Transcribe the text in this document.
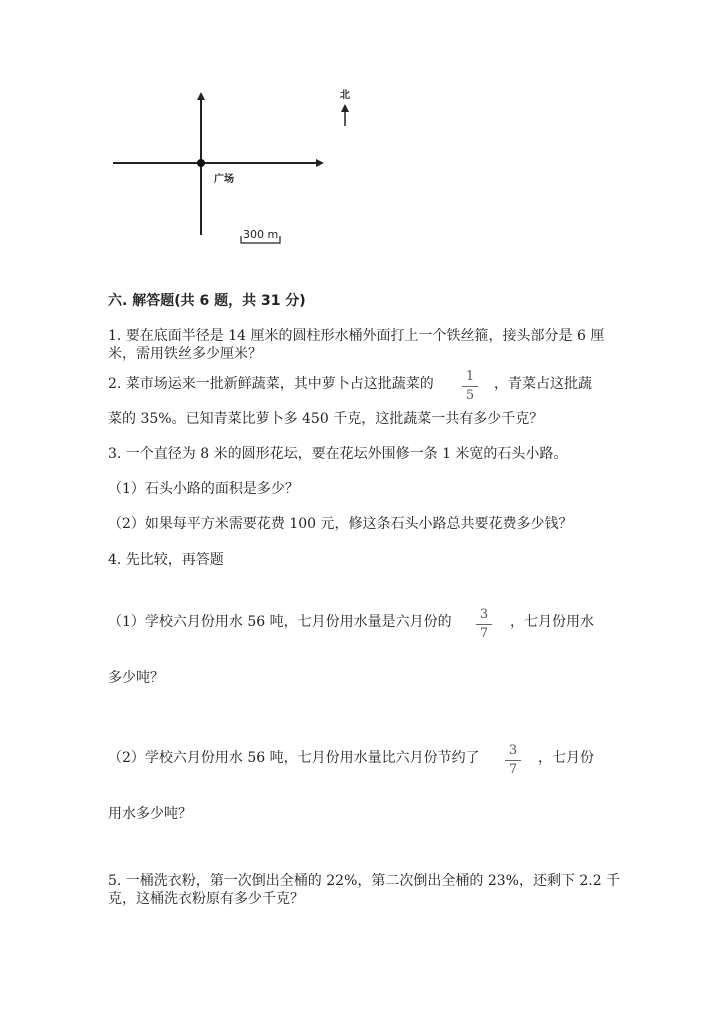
广场
北
300 m
六. 解答题(共 6 题，共 31 分)
1. 要在底面半径是 14 厘米的圆柱形水桶外面打上一个铁丝箍，接头部分是 6 厘
米，需用铁丝多少厘米？
2. 菜市场运来一批新鲜蔬菜，其中萝卜占这批蔬菜的 1
5
，青菜占这批蔬
菜的 35%。已知青菜比萝卜多 450 千克，这批蔬菜一共有多少千克？
3. 一个直径为 8 米的圆形花坛，要在花坛外围修一条 1 米宽的石头小路。
（1）石头小路的面积是多少？
（2）如果每平方米需要花费 100 元，修这条石头小路总共要花费多少钱？
4. 先比较，再答题
（1）学校六月份用水 56 吨，七月份用水量是六月份的 3
7
，七月份用水
多少吨？
（2）学校六月份用水 56 吨，七月份用水量比六月份节约了 3
7
，七月份
用水多少吨？
5. 一桶洗衣粉，第一次倒出全桶的 22%，第二次倒出全桶的 23%，还剩下 2.2 千
克，这桶洗衣粉原有多少千克？
